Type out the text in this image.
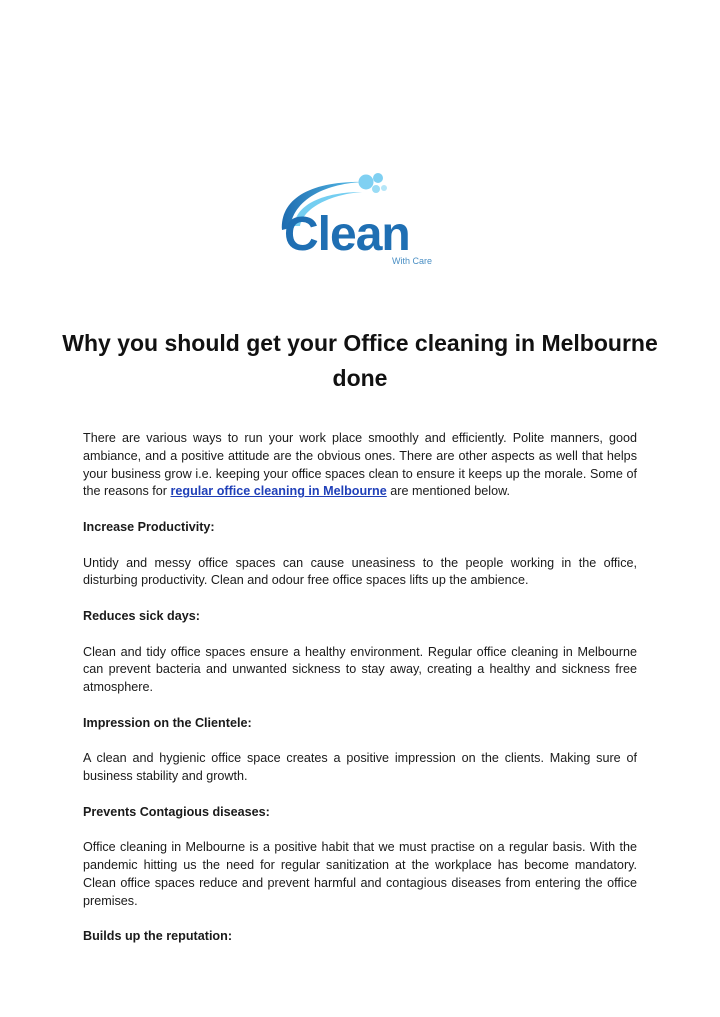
Clean
With Care
Why you should get your Office cleaning in Melbourne done

There are various ways to run your work place smoothly and efficiently. Polite manners, good ambiance, and a positive attitude are the obvious ones. There are other aspects as well that helps your business grow i.e. keeping your office spaces clean to ensure it keeps up the morale. Some of the reasons for regular office cleaning in Melbourne are mentioned below.

Increase Productivity:

Untidy and messy office spaces can cause uneasiness to the people working in the office, disturbing productivity. Clean and odour free office spaces lifts up the ambience.

Reduces sick days:

Clean and tidy office spaces ensure a healthy environment. Regular office cleaning in Melbourne can prevent bacteria and unwanted sickness to stay away, creating a healthy and sickness free atmosphere.

Impression on the Clientele:

A clean and hygienic office space creates a positive impression on the clients. Making sure of business stability and growth.

Prevents Contagious diseases:

Office cleaning in Melbourne is a positive habit that we must practise on a regular basis. With the pandemic hitting us the need for regular sanitization at the workplace has become mandatory. Clean office spaces reduce and prevent harmful and contagious diseases from entering the office premises.

Builds up the reputation:
